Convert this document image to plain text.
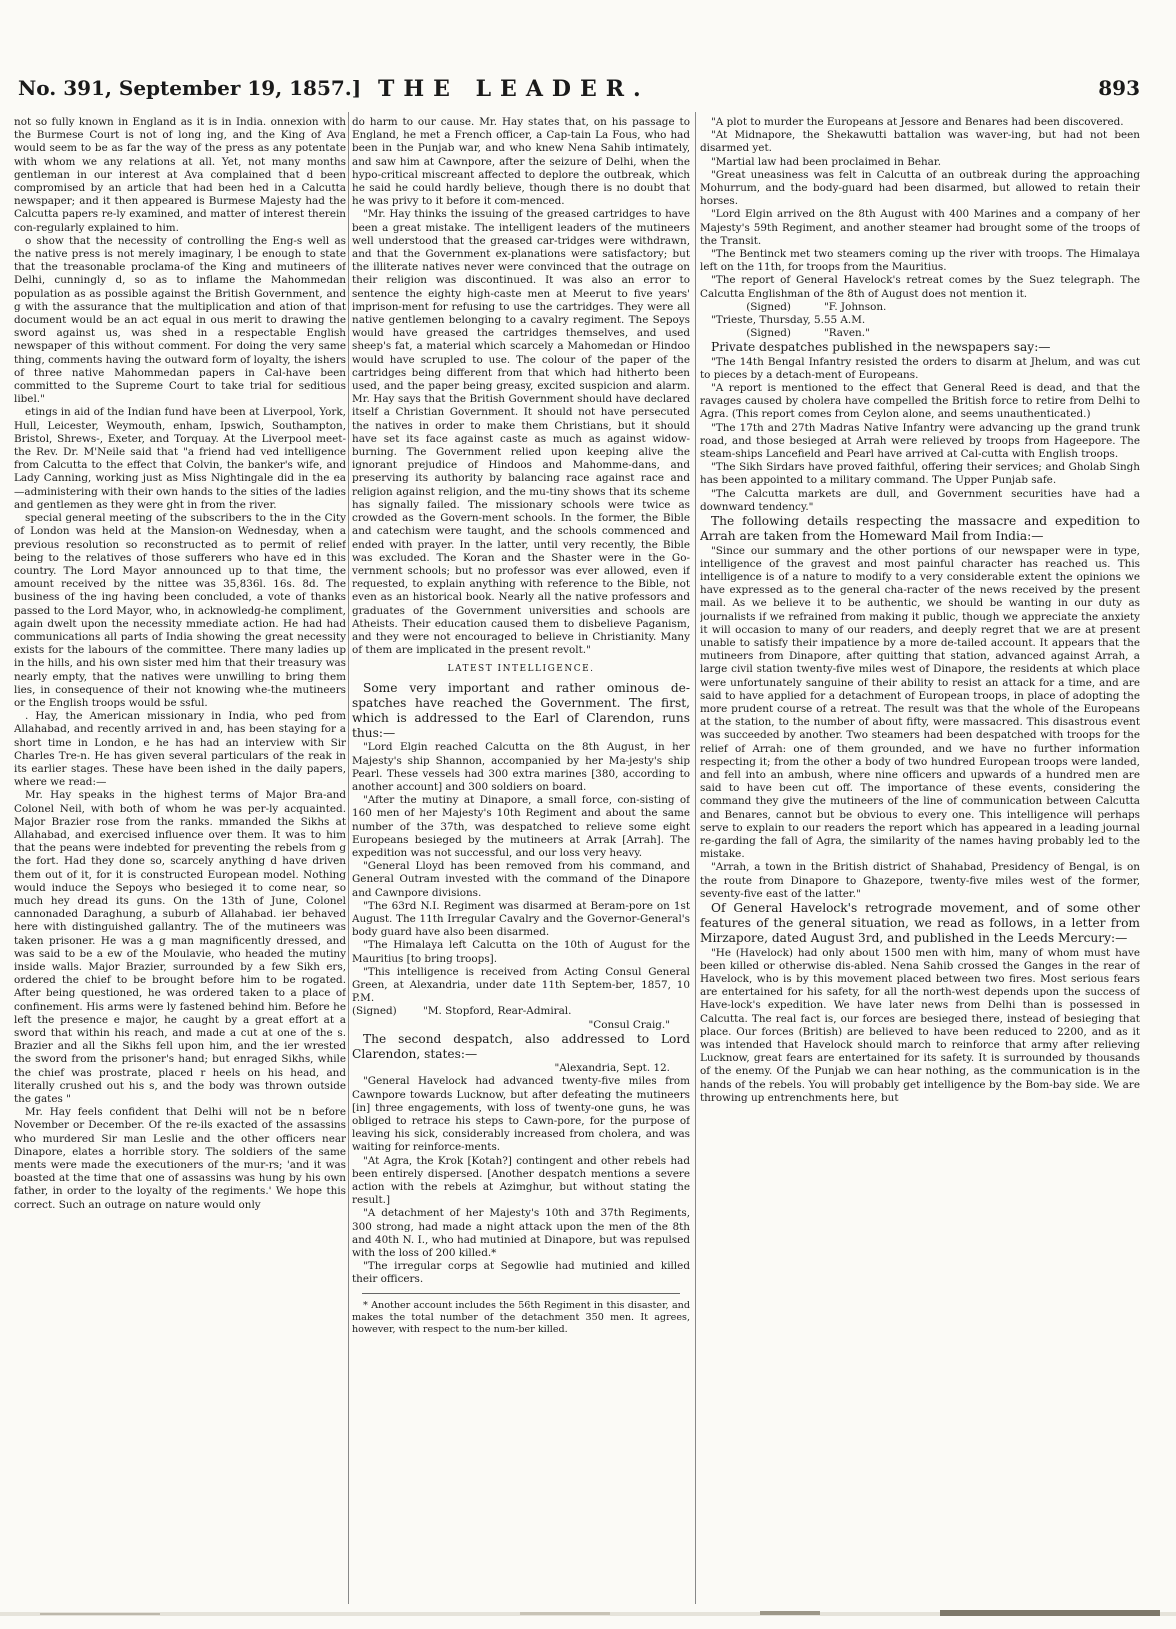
No. 391, September 19, 1857.] THE LEADER.	893

not so fully known in England as it is in India. onnexion with the Burmese Court is not of long ing, and the King of Ava would seem to be as far the way of the press as any potentate with whom we any relations at all. Yet, not many months gentleman in our interest at Ava complained that d been compromised by an article that had been hed in a Calcutta newspaper; and it then appeared is Burmese Majesty had the Calcutta papers re-ly examined, and matter of interest therein con-regularly explained to him.

o show that the necessity of controlling the Eng-s well as the native press is not merely imaginary, l be enough to state that the treasonable proclama-of the King and mutineers of Delhi, cunningly d, so as to inflame the Mahommedan population as as possible against the British Government, and g with the assurance that the multiplication and ation of that document would be an act equal in ous merit to drawing the sword against us, was shed in a respectable English newspaper of this without comment. For doing the very same thing, comments having the outward form of loyalty, the ishers of three native Mahommedan papers in Cal-have been committed to the Supreme Court to take trial for seditious libel."

etings in aid of the Indian fund have been at Liverpool, York, Hull, Leicester, Weymouth, enham, Ipswich, Southampton, Bristol, Shrews-, Exeter, and Torquay. At the Liverpool meet-the Rev. Dr. M'Neile said that "a friend had ved intelligence from Calcutta to the effect that Colvin, the banker's wife, and Lady Canning, working just as Miss Nightingale did in the ea—administering with their own hands to the sities of the ladies and gentlemen as they were ght in from the river.

special general meeting of the subscribers to the in the City of London was held at the Mansion-on Wednesday, when a previous resolution so reconstructed as to permit of relief being to the relatives of those sufferers who have ed in this country. The Lord Mayor announced up to that time, the amount received by the nittee was 35,836l. 16s. 8d. The business of the ing having been concluded, a vote of thanks passed to the Lord Mayor, who, in acknowledg-he compliment, again dwelt upon the necessity mmediate action. He had had communications all parts of India showing the great necessity exists for the labours of the committee. There many ladies up in the hills, and his own sister med him that their treasury was nearly empty, that the natives were unwilling to bring them lies, in consequence of their not knowing whe-the mutineers or the English troops would be ssful.

. Hay, the American missionary in India, who ped from Allahabad, and recently arrived in and, has been staying for a short time in London, e he has had an interview with Sir Charles Tre-n. He has given several particulars of the reak in its earlier stages. These have been ished in the daily papers, where we read:—

Mr. Hay speaks in the highest terms of Major Bra-and Colonel Neil, with both of whom he was per-ly acquainted. Major Brazier rose from the ranks. mmanded the Sikhs at Allahabad, and exercised influence over them. It was to him that the peans were indebted for preventing the rebels from g the fort. Had they done so, scarcely anything d have driven them out of it, for it is constructed European model. Nothing would induce the Sepoys who besieged it to come near, so much hey dread its guns. On the 13th of June, Colonel cannonaded Daraghung, a suburb of Allahabad. ier behaved here with distinguished gallantry. The of the mutineers was taken prisoner. He was a g man magnificently dressed, and was said to be a ew of the Moulavie, who headed the mutiny inside walls. Major Brazier, surrounded by a few Sikh ers, ordered the chief to be brought before him to be rogated. After being questioned, he was ordered taken to a place of confinement. His arms were ly fastened behind him. Before he left the presence e major, he caught by a great effort at a sword that within his reach, and made a cut at one of the s. Brazier and all the Sikhs fell upon him, and the ier wrested the sword from the prisoner's hand; but enraged Sikhs, while the chief was prostrate, placed r heels on his head, and literally crushed out his s, and the body was thrown outside the gates "

Mr. Hay feels confident that Delhi will not be n before November or December. Of the re-ils exacted of the assassins who murdered Sir man Leslie and the other officers near Dinapore, elates a horrible story. The soldiers of the same ments were made the executioners of the mur-rs; 'and it was boasted at the time that one of assassins was hung by his own father, in order to the loyalty of the regiments.' We hope this correct. Such an outrage on nature would only

do harm to our cause. Mr. Hay states that, on his passage to England, he met a French officer, a Cap-tain La Fous, who had been in the Punjab war, and who knew Nena Sahib intimately, and saw him at Cawnpore, after the seizure of Delhi, when the hypo-critical miscreant affected to deplore the outbreak, which he said he could hardly believe, though there is no doubt that he was privy to it before it com-menced.

"Mr. Hay thinks the issuing of the greased cartridges to have been a great mistake. The intelligent leaders of the mutineers well understood that the greased car-tridges were withdrawn, and that the Government ex-planations were satisfactory; but the illiterate natives never were convinced that the outrage on their religion was discontinued. It was also an error to sentence the eighty high-caste men at Meerut to five years' imprison-ment for refusing to use the cartridges. They were all native gentlemen belonging to a cavalry regiment. The Sepoys would have greased the cartridges themselves, and used sheep's fat, a material which scarcely a Mahomedan or Hindoo would have scrupled to use. The colour of the paper of the cartridges being different from that which had hitherto been used, and the paper being greasy, excited suspicion and alarm. Mr. Hay says that the British Government should have declared itself a Christian Government. It should not have persecuted the natives in order to make them Christians, but it should have set its face against caste as much as against widow-burning. The Government relied upon keeping alive the ignorant prejudice of Hindoos and Mahomme-dans, and preserving its authority by balancing race against race and religion against religion, and the mu-tiny shows that its scheme has signally failed. The missionary schools were twice as crowded as the Govern-ment schools. In the former, the Bible and catechism were taught, and the schools commenced and ended with prayer. In the latter, until very recently, the Bible was excluded. The Koran and the Shaster were in the Go-vernment schools; but no professor was ever allowed, even if requested, to explain anything with reference to the Bible, not even as an historical book. Nearly all the native professors and graduates of the Government universities and schools are Atheists. Their education caused them to disbelieve Paganism, and they were not encouraged to believe in Christianity. Many of them are implicated in the present revolt."

LATEST INTELLIGENCE.

Some very important and rather ominous de-spatches have reached the Government. The first, which is addressed to the Earl of Clarendon, runs thus:—

"Lord Elgin reached Calcutta on the 8th August, in her Majesty's ship Shannon, accompanied by her Ma-jesty's ship Pearl. These vessels had 300 extra marines [380, according to another account] and 300 soldiers on board.

"After the mutiny at Dinapore, a small force, con-sisting of 160 men of her Majesty's 10th Regiment and about the same number of the 37th, was despatched to relieve some eight Europeans besieged by the mutineers at Arrak [Arrah]. The expedition was not successful, and our loss very heavy.

"General Lloyd has been removed from his command, and General Outram invested with the command of the Dinapore and Cawnpore divisions.

"The 63rd N.I. Regiment was disarmed at Beram-pore on 1st August. The 11th Irregular Cavalry and the Governor-General's body guard have also been disarmed.

"The Himalaya left Calcutta on the 10th of August for the Mauritius [to bring troops].

"This intelligence is received from Acting Consul General Green, at Alexandria, under date 11th Septem-ber, 1857, 10 P.M.

(Signed)        "M. Stopford, Rear-Admiral.

"Consul Craig."

The second despatch, also addressed to Lord Clarendon, states:—

"Alexandria, Sept. 12.

"General Havelock had advanced twenty-five miles from Cawnpore towards Lucknow, but after defeating the mutineers [in] three engagements, with loss of twenty-one guns, he was obliged to retrace his steps to Cawn-pore, for the purpose of leaving his sick, considerably increased from cholera, and was waiting for reinforce-ments.

"At Agra, the Krok [Kotah?] contingent and other rebels had been entirely dispersed. [Another despatch mentions a severe action with the rebels at Azimghur, but without stating the result.]

"A detachment of her Majesty's 10th and 37th Regiments, 300 strong, had made a night attack upon the men of the 8th and 40th N. I., who had mutinied at Dinapore, but was repulsed with the loss of 200 killed.*

"The irregular corps at Segowlie had mutinied and killed their officers.

* Another account includes the 56th Regiment in this disaster, and makes the total number of the detachment 350 men. It agrees, however, with respect to the num-ber killed.

"A plot to murder the Europeans at Jessore and Benares had been discovered.

"At Midnapore, the Shekawutti battalion was waver-ing, but had not been disarmed yet.

"Martial law had been proclaimed in Behar.

"Great uneasiness was felt in Calcutta of an outbreak during the approaching Mohurrum, and the body-guard had been disarmed, but allowed to retain their horses.

"Lord Elgin arrived on the 8th August with 400 Marines and a company of her Majesty's 59th Regiment, and another steamer had brought some of the troops of the Transit.

"The Bentinck met two steamers coming up the river with troops. The Himalaya left on the 11th, for troops from the Mauritius.

"The report of General Havelock's retreat comes by the Suez telegraph. The Calcutta Englishman of the 8th of August does not mention it.

(Signed)          "F. Johnson.

"Trieste, Thursday, 5.55 A.M.

(Signed)          "Raven."

Private despatches published in the newspapers say:—

"The 14th Bengal Infantry resisted the orders to disarm at Jhelum, and was cut to pieces by a detach-ment of Europeans.

"A report is mentioned to the effect that General Reed is dead, and that the ravages caused by cholera have compelled the British force to retire from Delhi to Agra. (This report comes from Ceylon alone, and seems unauthenticated.)

"The 17th and 27th Madras Native Infantry were advancing up the grand trunk road, and those besieged at Arrah were relieved by troops from Hageepore. The steam-ships Lancefield and Pearl have arrived at Cal-cutta with English troops.

"The Sikh Sirdars have proved faithful, offering their services; and Gholab Singh has been appointed to a military command. The Upper Punjab safe.

"The Calcutta markets are dull, and Government securities have had a downward tendency."

The following details respecting the massacre and expedition to Arrah are taken from the Homeward Mail from India:—

"Since our summary and the other portions of our newspaper were in type, intelligence of the gravest and most painful character has reached us. This intelligence is of a nature to modify to a very considerable extent the opinions we have expressed as to the general cha-racter of the news received by the present mail. As we believe it to be authentic, we should be wanting in our duty as journalists if we refrained from making it public, though we appreciate the anxiety it will occasion to many of our readers, and deeply regret that we are at present unable to satisfy their impatience by a more de-tailed account. It appears that the mutineers from Dinapore, after quitting that station, advanced against Arrah, a large civil station twenty-five miles west of Dinapore, the residents at which place were unfortunately sanguine of their ability to resist an attack for a time, and are said to have applied for a detachment of European troops, in place of adopting the more prudent course of a retreat. The result was that the whole of the Europeans at the station, to the number of about fifty, were massacred. This disastrous event was succeeded by another. Two steamers had been despatched with troops for the relief of Arrah: one of them grounded, and we have no further information respecting it; from the other a body of two hundred European troops were landed, and fell into an ambush, where nine officers and upwards of a hundred men are said to have been cut off. The importance of these events, considering the command they give the mutineers of the line of communication between Calcutta and Benares, cannot but be obvious to every one. This intelligence will perhaps serve to explain to our readers the report which has appeared in a leading journal re-garding the fall of Agra, the similarity of the names having probably led to the mistake.

"Arrah, a town in the British district of Shahabad, Presidency of Bengal, is on the route from Dinapore to Ghazepore, twenty-five miles west of the former, seventy-five east of the latter."

Of General Havelock's retrograde movement, and of some other features of the general situation, we read as follows, in a letter from Mirzapore, dated August 3rd, and published in the Leeds Mercury:—

"He (Havelock) had only about 1500 men with him, many of whom must have been killed or otherwise dis-abled. Nena Sahib crossed the Ganges in the rear of Havelock, who is by this movement placed between two fires. Most serious fears are entertained for his safety, for all the north-west depends upon the success of Have-lock's expedition. We have later news from Delhi than is possessed in Calcutta. The real fact is, our forces are besieged there, instead of besieging that place. Our forces (British) are believed to have been reduced to 2200, and as it was intended that Havelock should march to reinforce that army after relieving Lucknow, great fears are entertained for its safety. It is surrounded by thousands of the enemy. Of the Punjab we can hear nothing, as the communication is in the hands of the rebels. You will probably get intelligence by the Bom-bay side. We are throwing up entrenchments here, but
